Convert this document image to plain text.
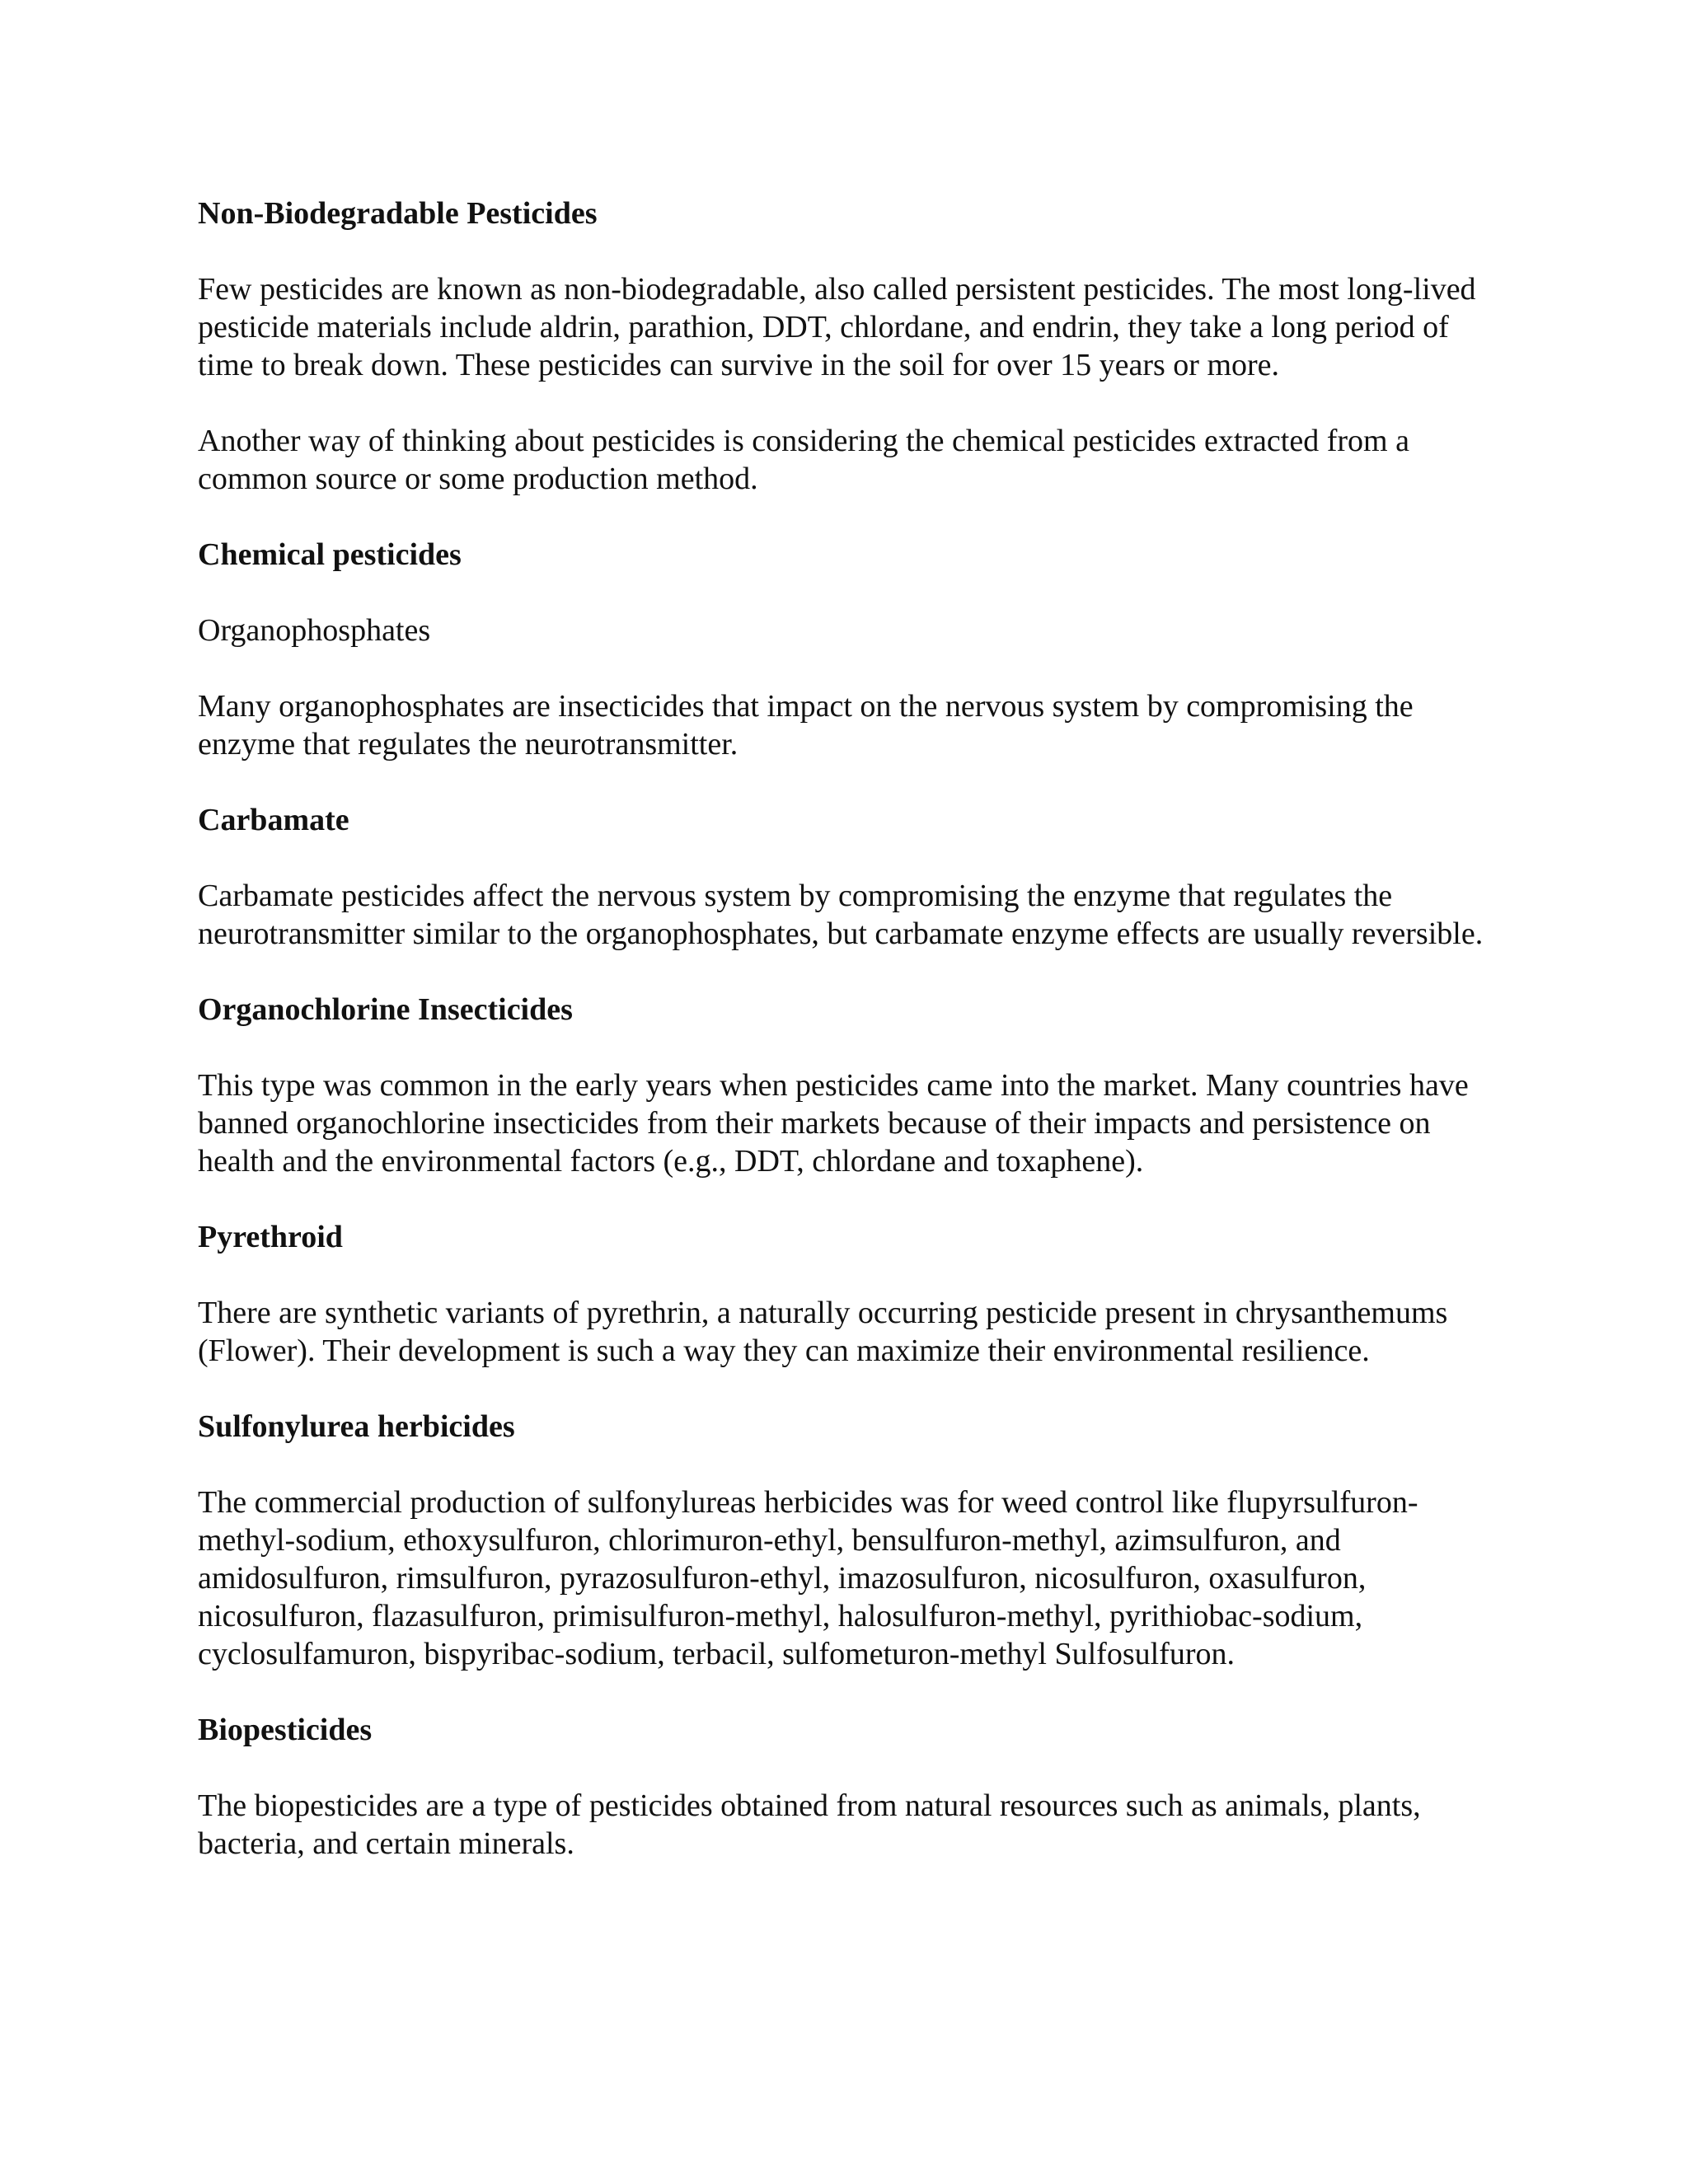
Non-Biodegradable Pesticides

Few pesticides are known as non-biodegradable, also called persistent pesticides. The most long-lived pesticide materials include aldrin, parathion, DDT, chlordane, and endrin, they take a long period of time to break down. These pesticides can survive in the soil for over 15 years or more.

Another way of thinking about pesticides is considering the chemical pesticides extracted from a common source or some production method.

Chemical pesticides

Organophosphates

Many organophosphates are insecticides that impact on the nervous system by compromising the enzyme that regulates the neurotransmitter.

Carbamate

Carbamate pesticides affect the nervous system by compromising the enzyme that regulates the neurotransmitter similar to the organophosphates, but carbamate enzyme effects are usually reversible.

Organochlorine Insecticides

This type was common in the early years when pesticides came into the market. Many countries have banned organochlorine insecticides from their markets because of their impacts and persistence on health and the environmental factors (e.g., DDT, chlordane and toxaphene).

Pyrethroid

There are synthetic variants of pyrethrin, a naturally occurring pesticide present in chrysanthemums (Flower). Their development is such a way they can maximize their environmental resilience.

Sulfonylurea herbicides

The commercial production of sulfonylureas herbicides was for weed control like flupyrsulfuron-methyl-sodium, ethoxysulfuron, chlorimuron-ethyl, bensulfuron-methyl, azimsulfuron, and amidosulfuron, rimsulfuron, pyrazosulfuron-ethyl, imazosulfuron, nicosulfuron, oxasulfuron, nicosulfuron, flazasulfuron, primisulfuron-methyl, halosulfuron-methyl, pyrithiobac-sodium, cyclosulfamuron, bispyribac-sodium, terbacil, sulfometuron-methyl Sulfosulfuron.

Biopesticides

The biopesticides are a type of pesticides obtained from natural resources such as animals, plants, bacteria, and certain minerals.
